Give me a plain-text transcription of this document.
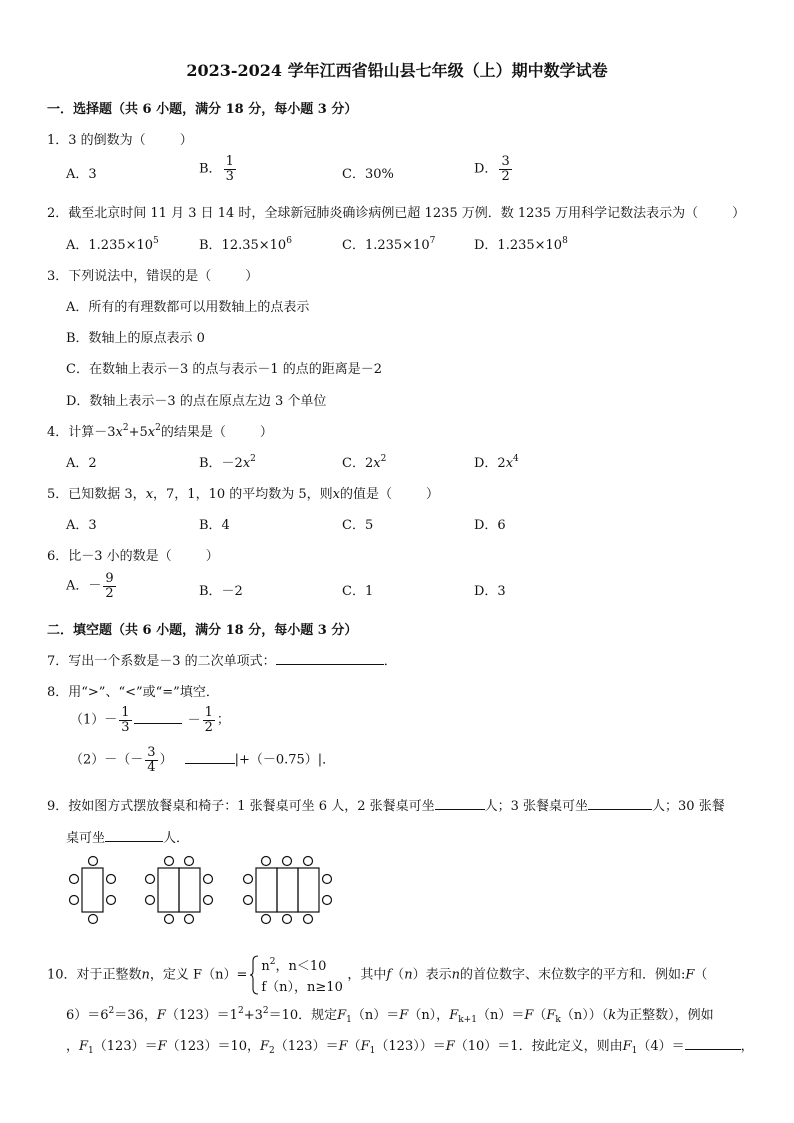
2023-2024 学年江西省铅山县七年级（上）期中数学试卷
一．选择题（共 6 小题，满分 18 分，每小题 3 分）
1．3 的倒数为（	）
A．3	B． $\frac{1}{3}$	C．30%	D． $\frac{3}{2}$
2．截至北京时间 11 月 3 日 14 时，全球新冠肺炎确诊病例已超 1235 万例．数 1235 万用科学记数法表示为（	）
A．$1.235\times 10^5$	B．$12.35\times 10^6$	C．$1.235\times 10^7$	D．$1.235\times 10^8$
3．下列说法中，错误的是（	）
A．所有的有理数都可以用数轴上的点表示
B．数轴上的原点表示 0
C．在数轴上表示－3 的点与表示－1 的点的距离是－2
D．数轴上表示－3 的点在原点左边 3 个单位
4．计算$-3x^2+5x^2$的结果是（	）
A．2	B．$-2x^2$	C．$2x^2$	D．$2x^4$
5．已知数据 3，x，7，1，10 的平均数为 5，则x的值是（	）
A．3	B．4	C．5	D．6
6．比－3 小的数是（	）
A．－ $\frac{9}{2}$	B．－2	C．1	D．3
二．填空题（共 6 小题，满分 18 分，每小题 3 分）
7．写出一个系数是－3 的二次单项式：	．
8．用“>”、“<”或“=”填空．
$(1)- \frac{1}{3}$	－ $\frac{1}{2}$ ；
$(2)-(- \frac{3}{4}$ ）	|+（－0.75）|．
9．按如图方式摆放餐桌和椅子：1 张餐桌可坐 6 人，2 张餐桌可坐	人；3 张餐桌可坐	人；30 张餐
桌可坐	人．
10．对于正整数n，定义 F（n）=
$n^2$，n＜10
f（n），n≥10
，其中f（n）表示n的首位数字、末位数字的平方和．例如:F（
$6)=6^2=36$，$F(123)=1^2+3^2=10$．规定$F_1(n)=F(n)$，$F_{k+1}(n)=F(F_k(n))(k$为正整数），例如
，$F_1(123)=F(123)=10$，$F_2(123)=F(F_1(123))=F(10)=1$．按此定义，则由$F_1(4)=$	，
